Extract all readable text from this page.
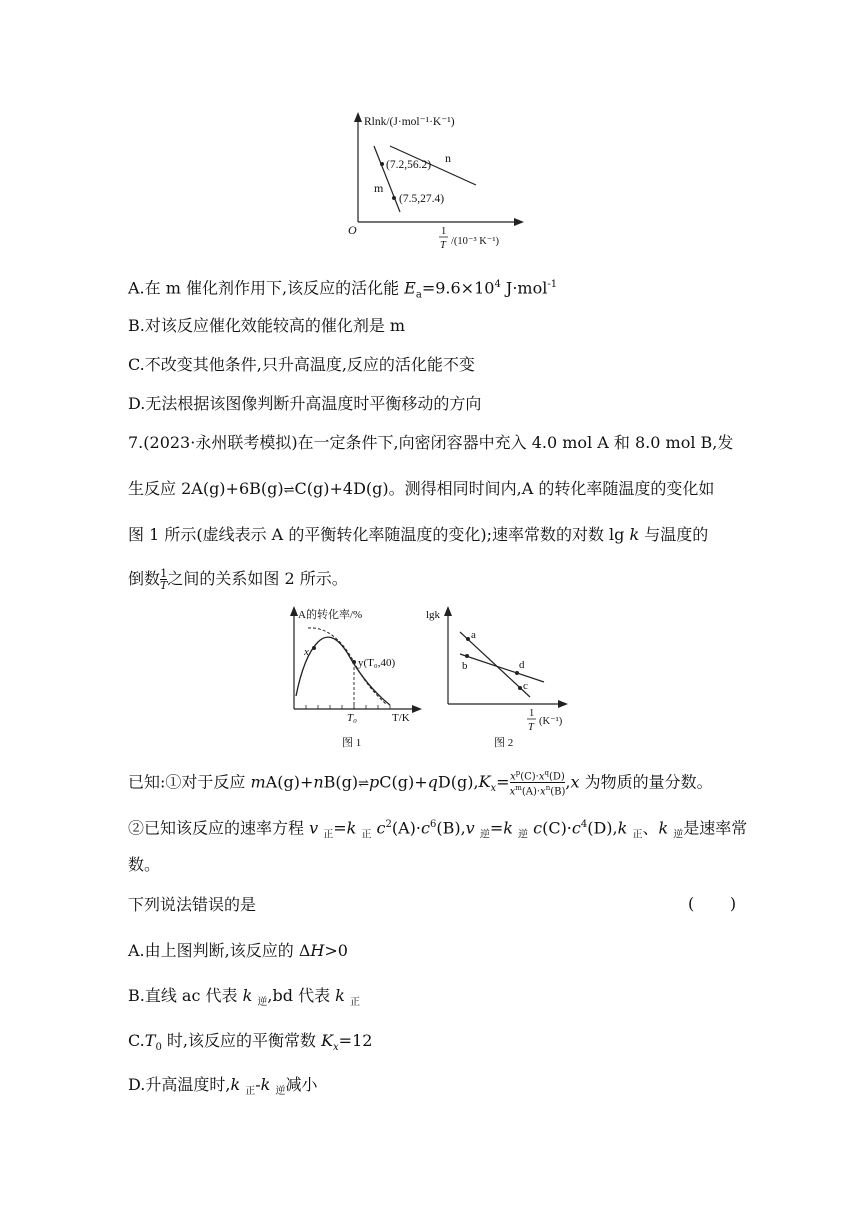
Rlnk/(J·mol⁻¹·K⁻¹)
O	1
T /(10⁻³ K⁻¹)
m
n
(7.2,56.2)
(7.5,27.4)
A.在 m 催化剂作用下,该反应的活化能 $E_a=9.6\times 10^4$ J·mol$^{-1}$
B.对该反应催化效能较高的催化剂是 m
C.不改变其他条件,只升高温度,反应的活化能不变
D.无法根据该图像判断升高温度时平衡移动的方向
7.(2023·永州联考模拟)在一定条件下,向密闭容器中充入 4.0 mol A 和 8.0 mol B,发
生反应 2A(g)+6B(g)⇌C(g)+4D(g)。测得相同时间内,A 的转化率随温度的变化如
图 1 所示(虚线表示 A 的平衡转化率随温度的变化);速率常数的对数 lg k 与温度的
倒数 $\frac{1}{T}$ 之间的关系如图 2 所示。
A的转化率/%
x
y(T₀,40)
T₀	T/K
图 1
lgk
a
b
c
d
1
T
(K⁻¹)
图 2
已知:①对于反应 $mA(g)+nB(g)\rightleftharpoons pC(g)+qD(g),K_x= \frac{x^p(C)\cdot x^q(D)}{x^m(A)\cdot x^n(B)} ,x$ 为物质的量分数。
②已知该反应的速率方程 v $_正$=k $_正$ $c^2(A)\cdot c^6(B),v$ $_逆$=k $_逆$ $c(C)\cdot c^4(D),k$ $_正$、k $_逆$是速率常
数。
下列说法错误的是	(       )
A.由上图判断,该反应的 ΔH>0
B.直线 ac 代表 k $_逆$,bd 代表 k $_正$
$C.T_0$ 时,该反应的平衡常数 $K_x=12$
D.升高温度时,k $_正$-k $_逆$减小
